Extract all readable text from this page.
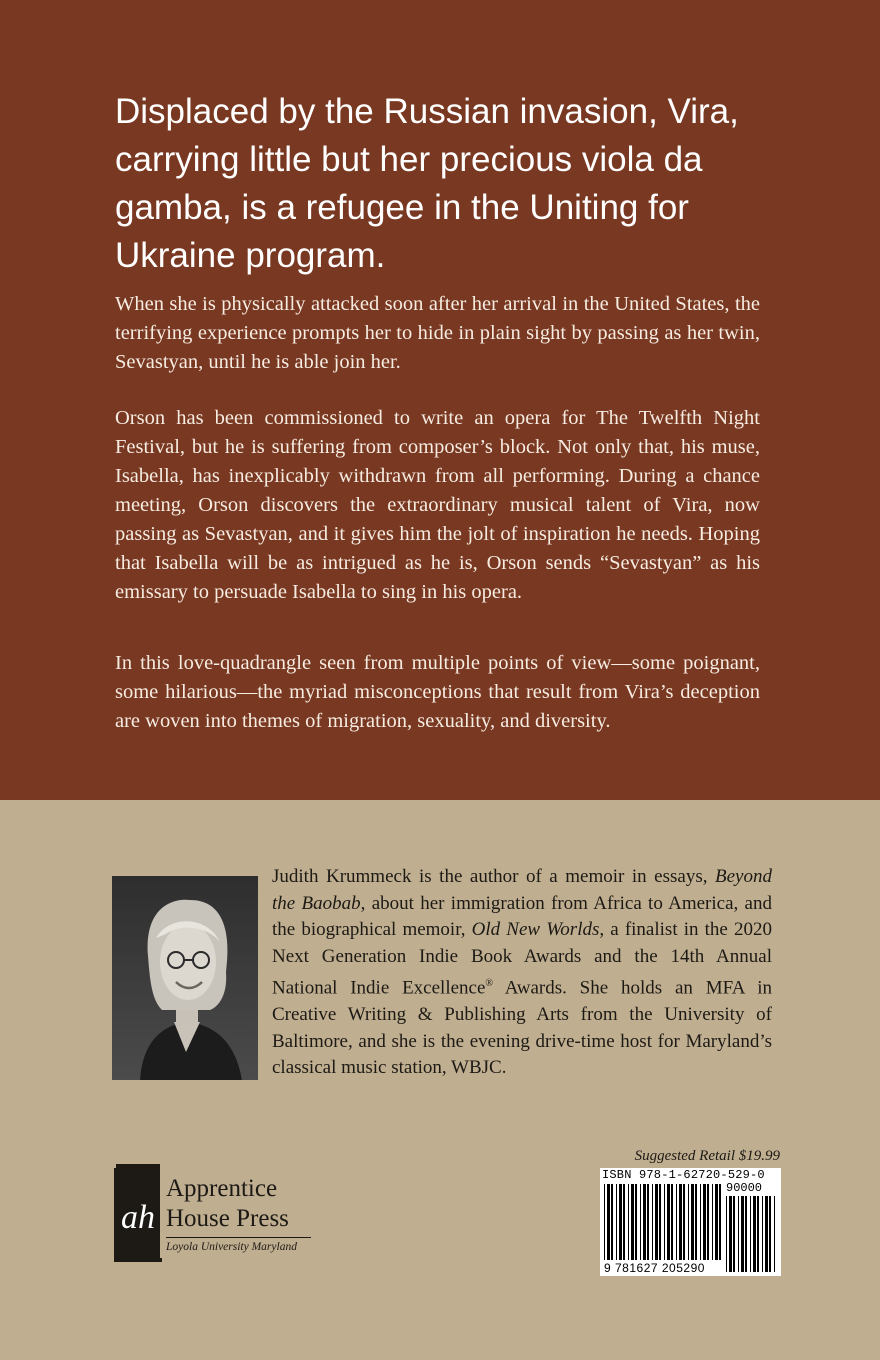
Displaced by the Russian invasion, Vira, carrying little but her precious viola da gamba, is a refugee in the Uniting for Ukraine program.

When she is physically attacked soon after her arrival in the United States, the terrifying experience prompts her to hide in plain sight by passing as her twin, Sevastyan, until he is able join her.

Orson has been commissioned to write an opera for The Twelfth Night Festival, but he is suffering from composer’s block. Not only that, his muse, Isabella, has inexplicably withdrawn from all performing. During a chance meeting, Orson discovers the extraordinary musical talent of Vira, now passing as Sevastyan, and it gives him the jolt of inspiration he needs. Hoping that Isabella will be as intrigued as he is, Orson sends “Sevastyan” as his emissary to persuade Isabella to sing in his opera.

In this love-quadrangle seen from multiple points of view—some poignant, some hilarious—the myriad misconceptions that result from Vira’s deception are woven into themes of migration, sexuality, and diversity.

Judith Krummeck is the author of a memoir in essays, Beyond the Baobab, about her immigration from Africa to America, and the biographical memoir, Old New Worlds, a finalist in the 2020 Next Generation Indie Book Awards and the 14th Annual National Indie Excellence® Awards. She holds an MFA in Creative Writing & Publishing Arts from the University of Baltimore, and she is the evening drive-time host for Maryland’s classical music station, WBJC.

ah
Apprentice
House Press
Loyola University Maryland
Suggested Retail $19.99
ISBN 978-1-62720-529-0
90000
9 781627 205290
